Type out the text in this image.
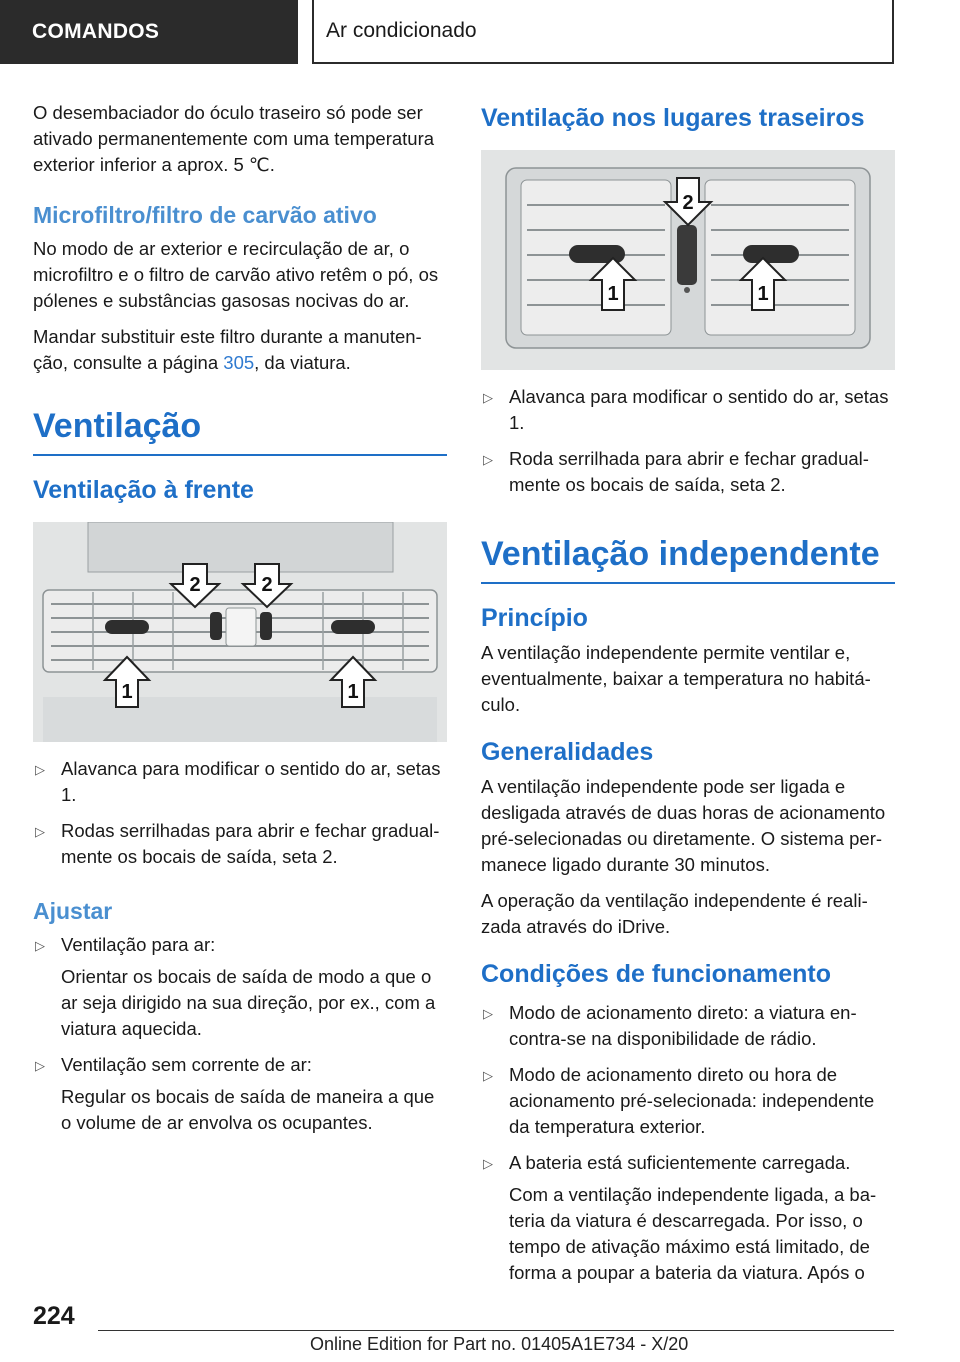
COMANDOS	Ar condicionado

O desembaciador do óculo traseiro só pode ser ativado permanentemente com uma temperatura exterior inferior a aprox. 5 ℃.

Microfiltro/filtro de carvão ativo

No modo de ar exterior e recirculação de ar, o microfiltro e o filtro de carvão ativo retêm o pó, os pólenes e substâncias gasosas nocivas do ar.

Mandar substituir este filtro durante a manutenção, consulte a página 305, da viatura.

Ventilação
Ventilação à frente
1	1
2	2
▷ Alavanca para modificar o sentido do ar, setas 1.
▷ Rodas serrilhadas para abrir e fechar gradualmente os bocais de saída, seta 2.
Ajustar
▷ Ventilação para ar:
Orientar os bocais de saída de modo a que o ar seja dirigido na sua direção, por ex., com a viatura aquecida.
▷ Ventilação sem corrente de ar:
Regular os bocais de saída de maneira a que o volume de ar envolva os ocupantes.
Ventilação nos lugares traseiros
2
1	1
▷ Alavanca para modificar o sentido do ar, setas 1.
▷ Roda serrilhada para abrir e fechar gradualmente os bocais de saída, seta 2.
Ventilação independente
Princípio

A ventilação independente permite ventilar e, eventualmente, baixar a temperatura no habitáculo.

Generalidades

A ventilação independente pode ser ligada e desligada através de duas horas de acionamento pré-selecionadas ou diretamente. O sistema permanece ligado durante 30 minutos.

A operação da ventilação independente é realizada através do iDrive.

Condições de funcionamento
▷ Modo de acionamento direto: a viatura encontra-se na disponibilidade de rádio.
▷ Modo de acionamento direto ou hora de acionamento pré-selecionada: independente da temperatura exterior.
▷ A bateria está suficientemente carregada.
Com a ventilação independente ligada, a bateria da viatura é descarregada. Por isso, o tempo de ativação máximo está limitado, de forma a poupar a bateria da viatura. Após o
224
Online Edition for Part no. 01405A1E734 - X/20
